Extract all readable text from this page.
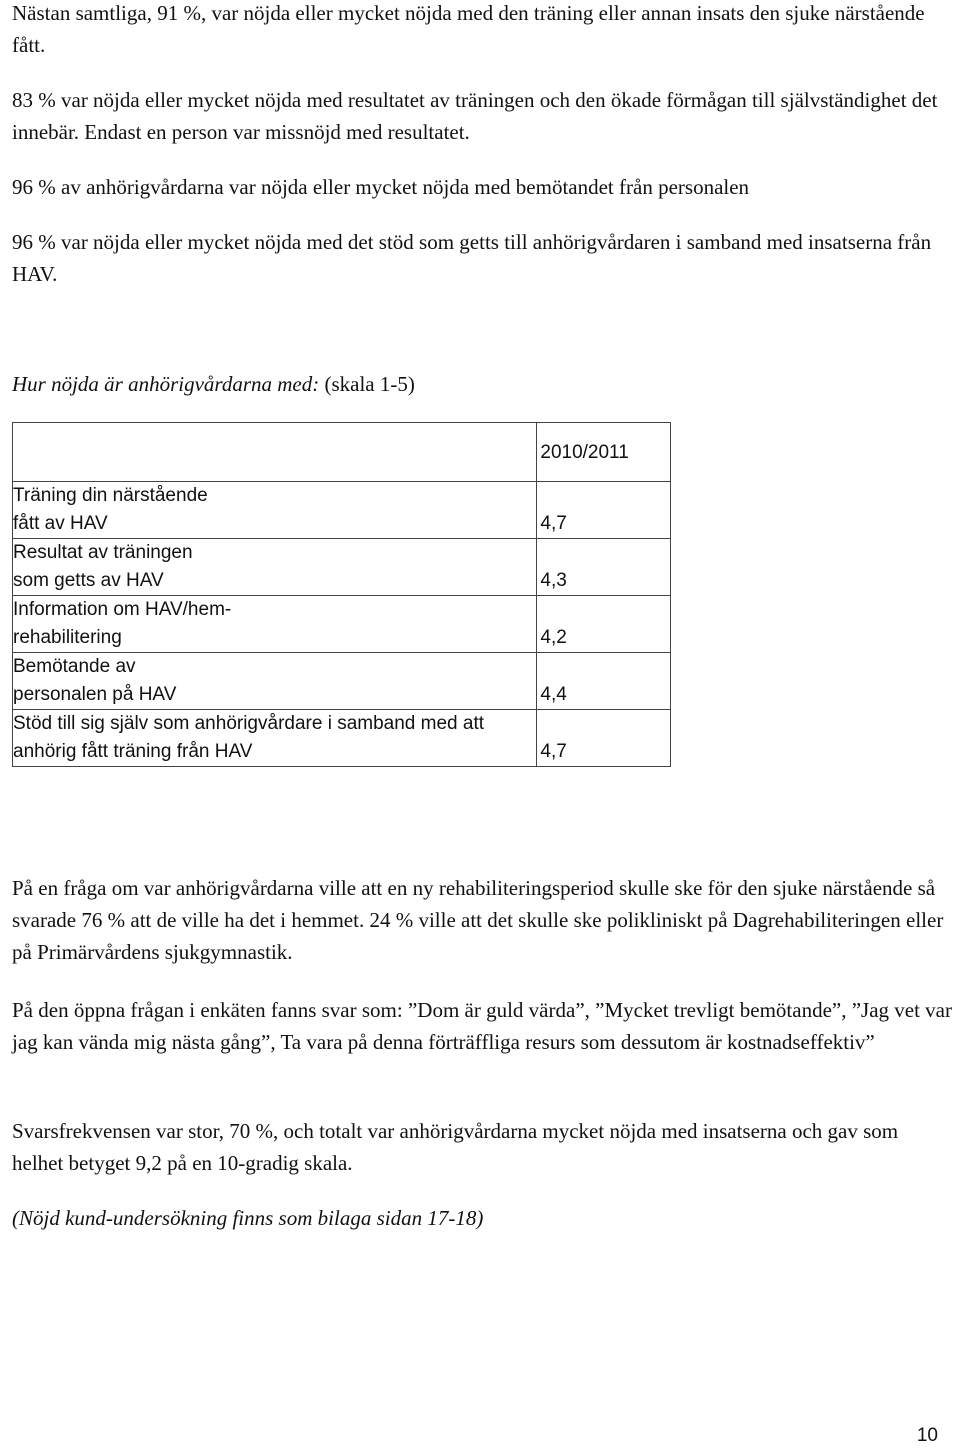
Nästan samtliga, 91 %, var nöjda eller mycket nöjda med den träning eller annan insats den sjuke närstående fått.

83 % var nöjda eller mycket nöjda med resultatet av träningen och den ökade förmågan till självständighet det innebär. Endast en person var missnöjd med resultatet.

96 % av anhörigvårdarna var nöjda eller mycket nöjda med bemötandet från personalen

96 % var nöjda eller mycket nöjda med det stöd som getts till anhörigvårdaren i samband med insatserna från HAV.

Hur nöjda är anhörigvårdarna med: (skala 1-5)

	2010/2011

Träning din närstående
fått av HAV	4,7

Resultat av träningen
som getts av HAV	4,3

Information om HAV/hem-
rehabilitering	4,2

Bemötande av
personalen på HAV	4,4

Stöd till sig själv som anhörigvårdare i samband med att
anhörig fått träning från HAV	4,7

På en fråga om var anhörigvårdarna ville att en ny rehabiliteringsperiod skulle ske för den sjuke närstående så svarade 76 % att de ville ha det i hemmet. 24 % ville att det skulle ske polikliniskt på Dagrehabiliteringen eller på Primärvårdens sjukgymnastik.

På den öppna frågan i enkäten fanns svar som: ”Dom är guld värda”, ”Mycket trevligt bemötande”, ”Jag vet var jag kan vända mig nästa gång”, Ta vara på denna förträffliga resurs som dessutom är kostnadseffektiv”

Svarsfrekvensen var stor, 70 %, och totalt var anhörigvårdarna mycket nöjda med insatserna och gav som helhet betyget 9,2 på en 10-gradig skala.

(Nöjd kund-undersökning finns som bilaga sidan 17-18)

10
